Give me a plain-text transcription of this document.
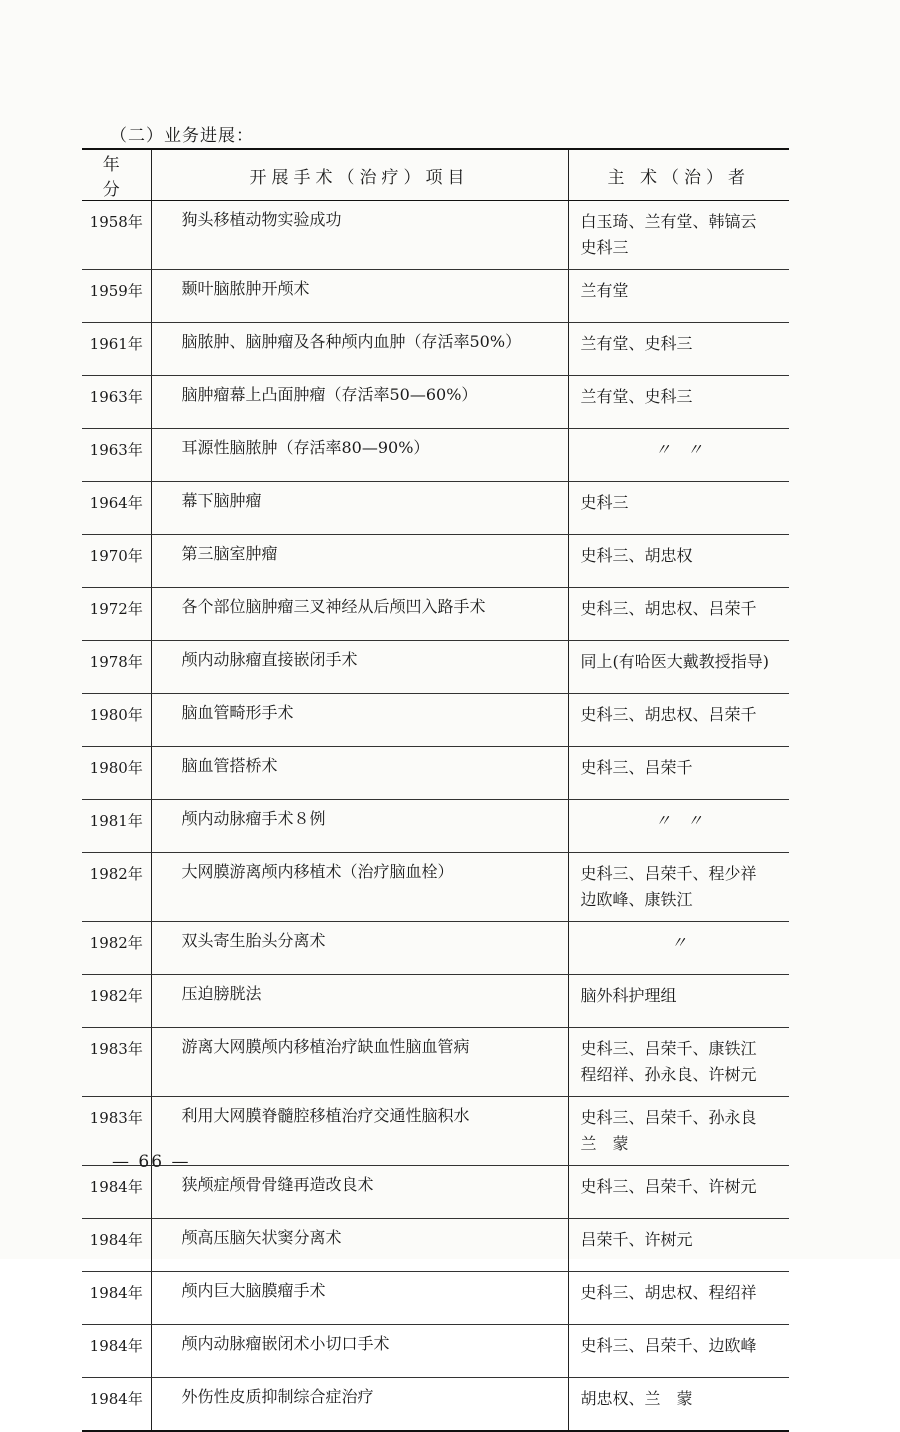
（二）业务进展：
年 分	开展手术（治疗）项目	主 术（治）者
1958年	狗头移植动物实验成功	白玉琦、兰有堂、韩镐云
史科三

1959年	颞叶脑脓肿开颅术	兰有堂

1961年	脑脓肿、脑肿瘤及各种颅内血肿（存活率50%）	兰有堂、史科三

1963年	脑肿瘤幕上凸面肿瘤（存活率50—60%）	兰有堂、史科三

1963年	耳源性脑脓肿（存活率80—90%）	〃　〃

1964年	幕下脑肿瘤	史科三

1970年	第三脑室肿瘤	史科三、胡忠权

1972年	各个部位脑肿瘤三叉神经从后颅凹入路手术	史科三、胡忠权、吕荣千

1978年	颅内动脉瘤直接嵌闭手术	同上(有哈医大戴教授指导)

1980年	脑血管畸形手术	史科三、胡忠权、吕荣千

1980年	脑血管搭桥术	史科三、吕荣千

1981年	颅内动脉瘤手术８例	〃　〃

1982年	大网膜游离颅内移植术（治疗脑血栓）	史科三、吕荣千、程少祥
边欧峰、康铁江

1982年	双头寄生胎头分离术	〃

1982年	压迫膀胱法	脑外科护理组

1983年	游离大网膜颅内移植治疗缺血性脑血管病	史科三、吕荣千、康铁江
程绍祥、孙永良、许树元

1983年	利用大网膜脊髓腔移植治疗交通性脑积水	史科三、吕荣千、孙永良
兰　蒙

1984年	狭颅症颅骨骨缝再造改良术	史科三、吕荣千、许树元

1984年	颅高压脑矢状窦分离术	吕荣千、许树元

1984年	颅内巨大脑膜瘤手术	史科三、胡忠权、程绍祥

1984年	颅内动脉瘤嵌闭术小切口手术	史科三、吕荣千、边欧峰

1984年	外伤性皮质抑制综合症治疗	胡忠权、兰　蒙
— 66 —
